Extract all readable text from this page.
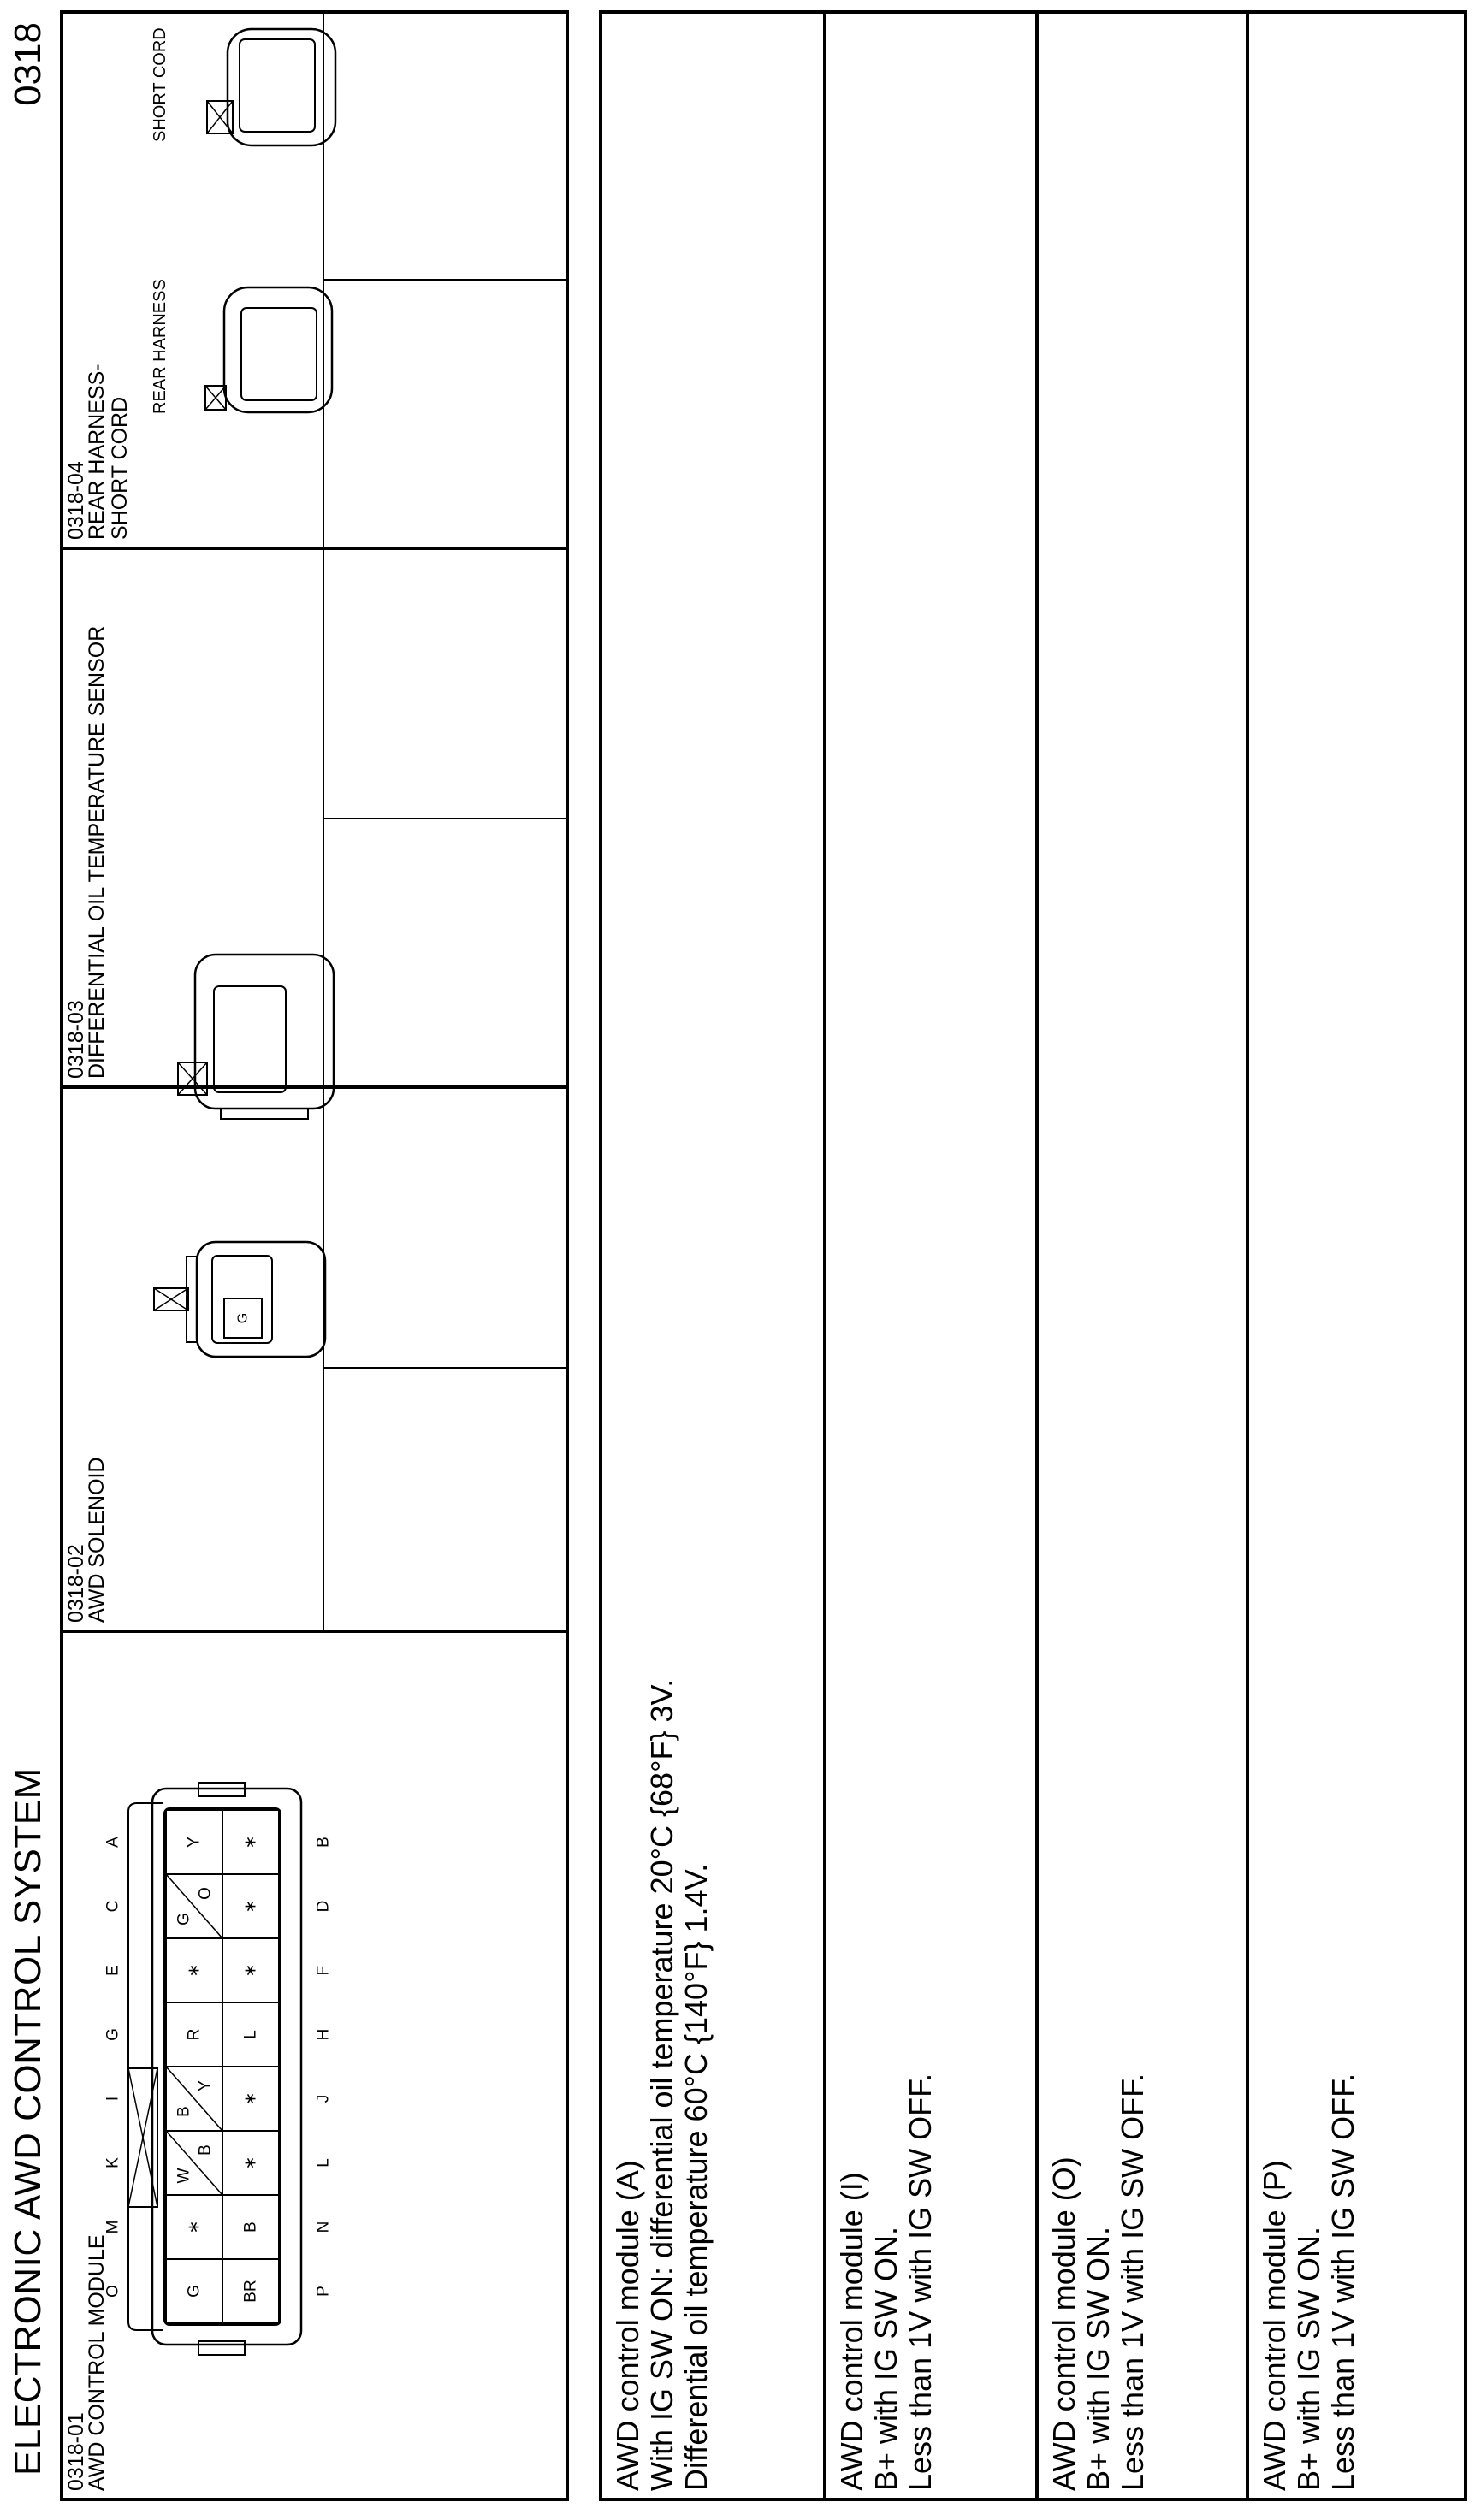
ELECTRONIC AWD CONTROL SYSTEM
0318
0318-01
AWD CONTROL MODULE
0318-02
AWD SOLENOID
0318-03
DIFFERENTIAL OIL TEMPERATURE SENSOR
0318-04
REAR HARNESS-
SHORT CORD
O
M
K
I
G
E
C
A
P
N
L
J
H
F
D
B
G
∗
W
B
B
Y
R
∗
G
O
Y
BR
B
∗
∗
L
∗
∗
∗
G
REAR HARNESS
SHORT CORD
AWD control module (A) With IG SW ON: differential oil temperature 20°C {68°F} 3V. Differential oil temperature 60°C {140°F} 1.4V.	AWD control module (I) B+ with IG SW ON. Less than 1V with IG SW OFF.	AWD control module (O) B+ with IG SW ON. Less than 1V with IG SW OFF.	AWD control module (P) B+ with IG SW ON. Less than 1V with IG SW OFF.
